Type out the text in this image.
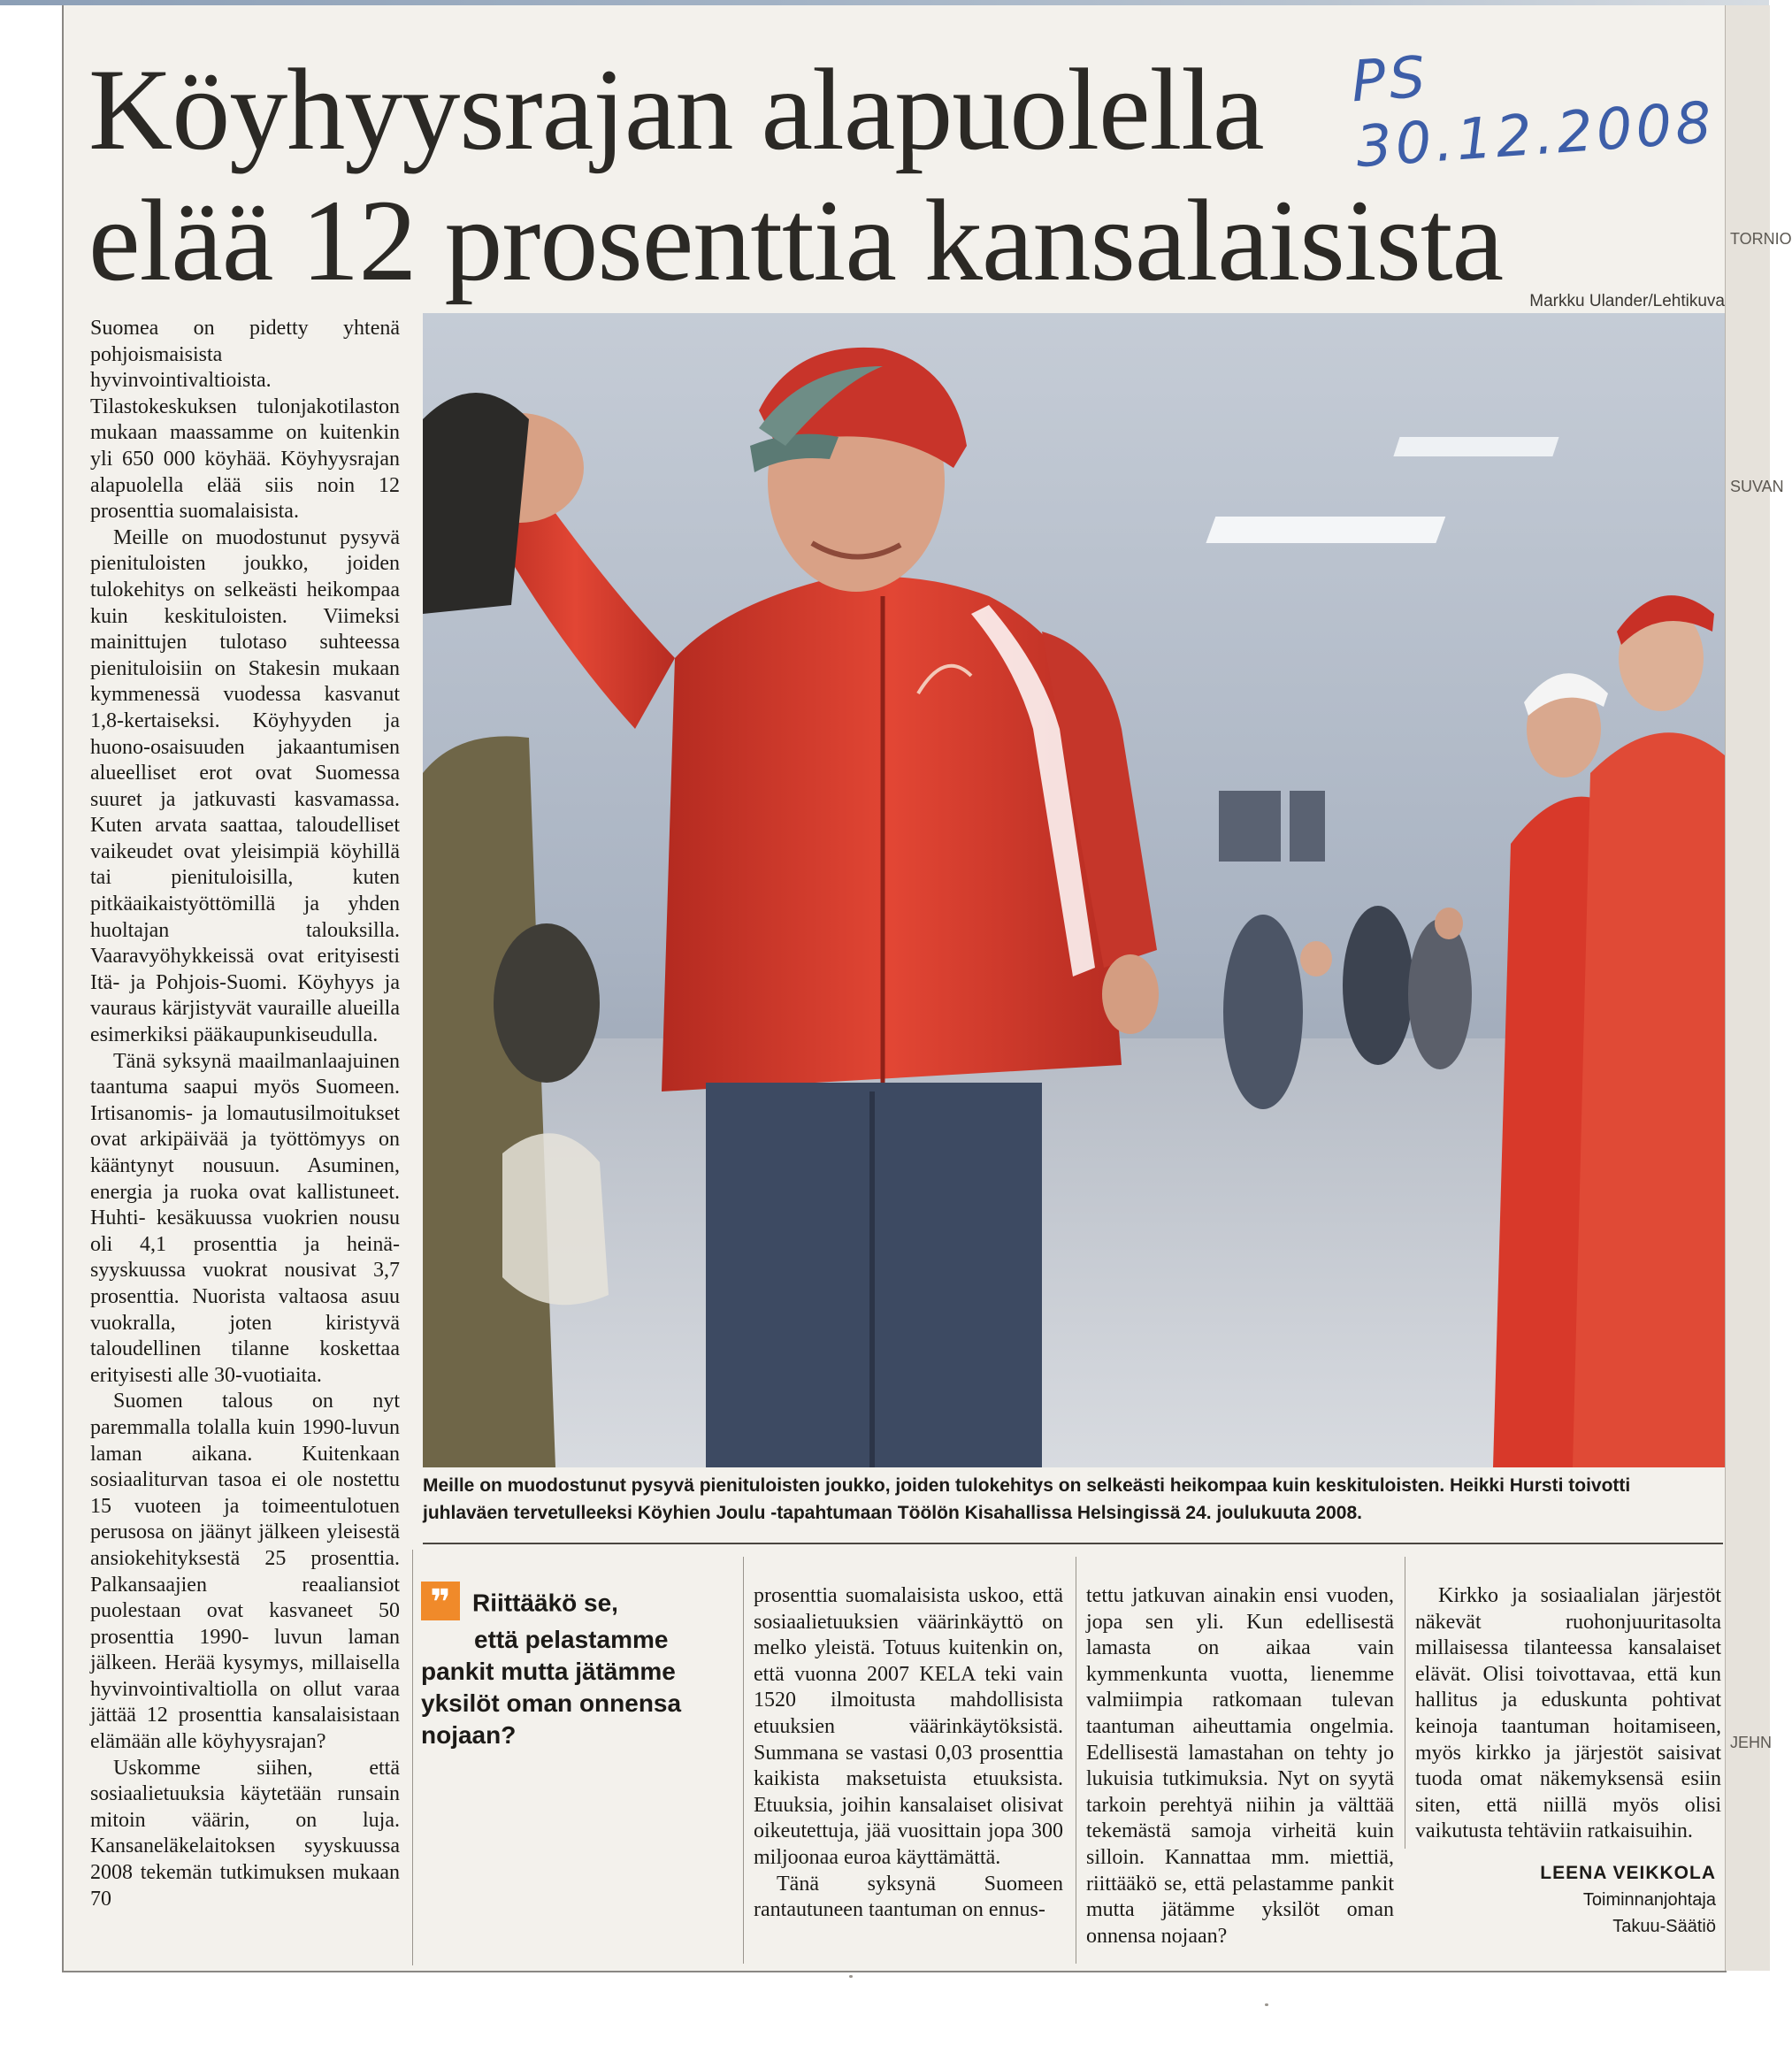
TORNIO
SUVAN
JEHN
Köyhyysrajan alapuolella
elää 12 prosenttia kansalaisista
PS 30.12.2008
Markku Ulander/Lehtikuva
Meille on muodostunut pysyvä pienituloisten joukko, joiden tulokehitys on selkeästi heikompaa kuin keskituloisten. Heikki Hursti toivotti juhlaväen tervetulleeksi Köyhien Joulu -tapahtumaan Töölön Kisahallissa Helsingissä 24. joulukuuta 2008.

Suomea on pidetty yhtenä pohjoismaisista hyvinvointivaltioista. Tilastokeskuksen tulonjakotilaston mukaan maassamme on kuitenkin yli 650 000 köyhää. Köyhyysrajan alapuolella elää siis noin 12 prosenttia suomalaisista.

Meille on muodostunut pysyvä pienituloisten joukko, joiden tulokehitys on selkeästi heikompaa kuin keskituloisten. Viimeksi mainittujen tulotaso suhteessa pienituloisiin on Stakesin mukaan kymmenessä vuodessa kasvanut 1,8-kertaiseksi. Köyhyyden ja huono-osaisuuden jakaantumisen alueelliset erot ovat Suomessa suuret ja jatkuvasti kasvamassa. Kuten arvata saattaa, taloudelliset vaikeudet ovat yleisimpiä köyhillä tai pienituloisilla, kuten pitkäaikaistyöttömillä ja yhden huoltajan talouksilla. Vaaravyöhykkeissä ovat erityisesti Itä- ja Pohjois-Suomi. Köyhyys ja vauraus kärjistyvät vauraille alueilla esimerkiksi pääkaupunkiseudulla.

Tänä syksynä maailmanlaajuinen taantuma saapui myös Suomeen. Irtisanomis- ja lomautusilmoitukset ovat arkipäivää ja työttömyys on kääntynyt nousuun. Asuminen, energia ja ruoka ovat kallistuneet. Huhti- kesäkuussa vuokrien nousu oli 4,1 prosenttia ja heinä-syyskuussa vuokrat nousivat 3,7 prosenttia. Nuorista valtaosa asuu vuokralla, joten kiristyvä taloudellinen tilanne koskettaa erityisesti alle 30-vuotiaita.

Suomen talous on nyt paremmalla tolalla kuin 1990-luvun laman aikana. Kuitenkaan sosiaaliturvan tasoa ei ole nostettu 15 vuoteen ja toimeentulotuen perusosa on jäänyt jälkeen yleisestä ansiokehityksestä 25 prosenttia. Palkansaajien reaaliansiot puolestaan ovat kasvaneet 50 prosenttia 1990- luvun laman jälkeen. Herää kysymys, millaisella hyvinvointivaltiolla on ollut varaa jättää 12 prosenttia kansalaisistaan elämään alle köyhyysrajan?

Uskomme siihen, että sosiaalietuuksia käytetään runsain mitoin väärin, on luja. Kansaneläkelaitoksen syyskuussa 2008 tekemän tutkimuksen mukaan 70

❞ Riittääkö se,
että pelastamme
pankit mutta jätämme
yksilöt oman onnensa
nojaan?

prosenttia suomalaisista uskoo, että sosiaalietuuksien väärinkäyttö on melko yleistä. Totuus kuitenkin on, että vuonna 2007 KELA teki vain 1520 ilmoitusta mahdollisista etuuksien väärinkäytöksistä. Summana se vastasi 0,03 prosenttia kaikista maksetuista etuuksista. Etuuksia, joihin kansalaiset olisivat oikeutettuja, jää vuosittain jopa 300 miljoonaa euroa käyttämättä.

Tänä syksynä Suomeen rantautuneen taantuman on ennus-

tettu jatkuvan ainakin ensi vuoden, jopa sen yli. Kun edellisestä lamasta on aikaa vain kymmenkunta vuotta, lienemme valmiimpia ratkomaan tulevan taantuman aiheuttamia ongelmia. Edellisestä lamastahan on tehty jo lukuisia tutkimuksia. Nyt on syytä tarkoin perehtyä niihin ja välttää tekemästä samoja virheitä kuin silloin. Kannattaa mm. miettiä, riittääkö se, että pelastamme pankit mutta jätämme yksilöt oman onnensa nojaan?

Kirkko ja sosiaalialan järjestöt näkevät ruohonjuuritasolta millaisessa tilanteessa kansalaiset elävät. Olisi toivottavaa, että kun hallitus ja eduskunta pohtivat keinoja taantuman hoitamiseen, myös kirkko ja järjestöt saisivat tuoda omat näkemyksensä esiin siten, että niillä myös olisi vaikutusta tehtäviin ratkaisuihin.

LEENA VEIKKOLA
Toiminnanjohtaja
Takuu-Säätiö
